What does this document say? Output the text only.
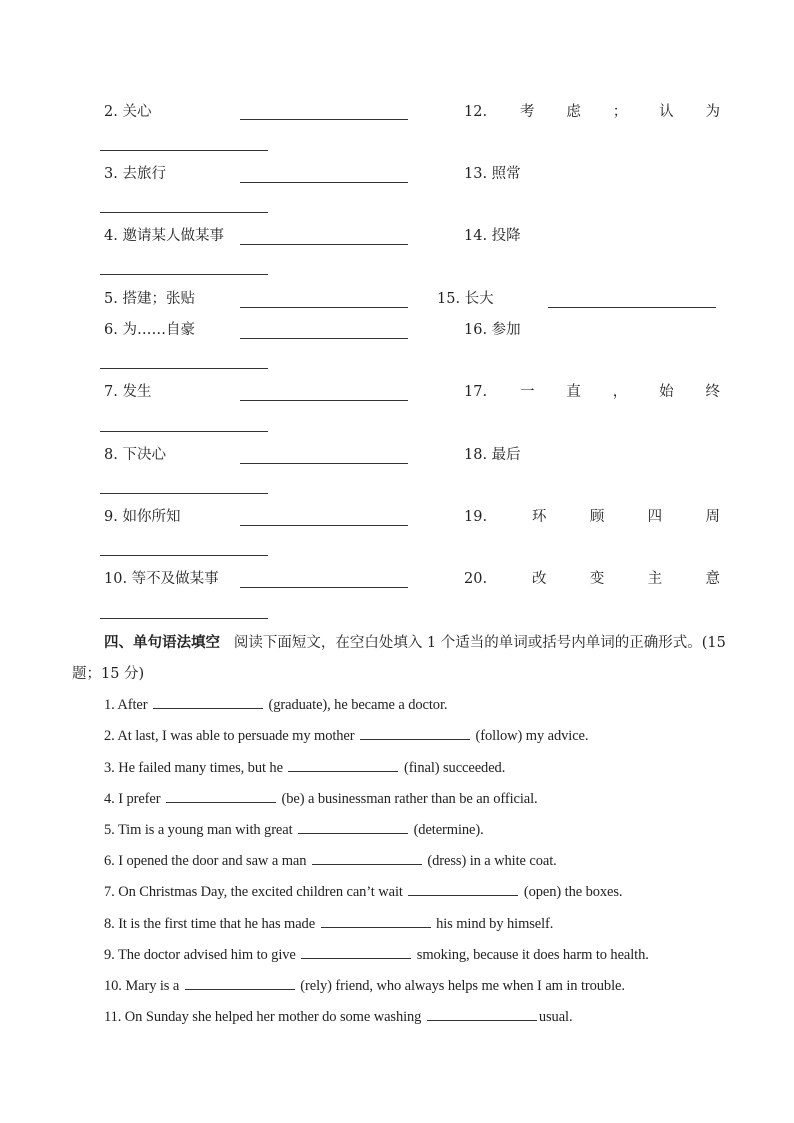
2. 关心
3. 去旅行
4. 邀请某人做某事
5. 搭建；张贴
6. 为……自豪
7. 发生
8. 下决心
9. 如你所知
10. 等不及做某事
12. 考 虑 ； 认 为
13. 照常
14. 投降
15. 长大
16. 参加
17. 一 直 ， 始 终
18. 最后
19.	环	顾	四	周
20.	改	变	主	意
四、单句语法填空 阅读下面短文，在空白处填入 1 个适当的单词或括号内单词的正确形式。(15 题；15 分)
1. After	(graduate), he became a doctor.
2. At last, I was able to persuade my mother	(follow) my advice.
3. He failed many times, but he	(final) succeeded.
4. I prefer	(be) a businessman rather than be an official.
5. Tim is a young man with great	(determine).
6. I opened the door and saw a man	(dress) in a white coat.
7. On Christmas Day, the excited children can’t wait	(open) the boxes.
8. It is the first time that he has made	his mind by himself.
9. The doctor advised him to give	smoking, because it does harm to health.
10. Mary is a	(rely) friend, who always helps me when I am in trouble.
11. On Sunday she helped her mother do some washing	usual.
